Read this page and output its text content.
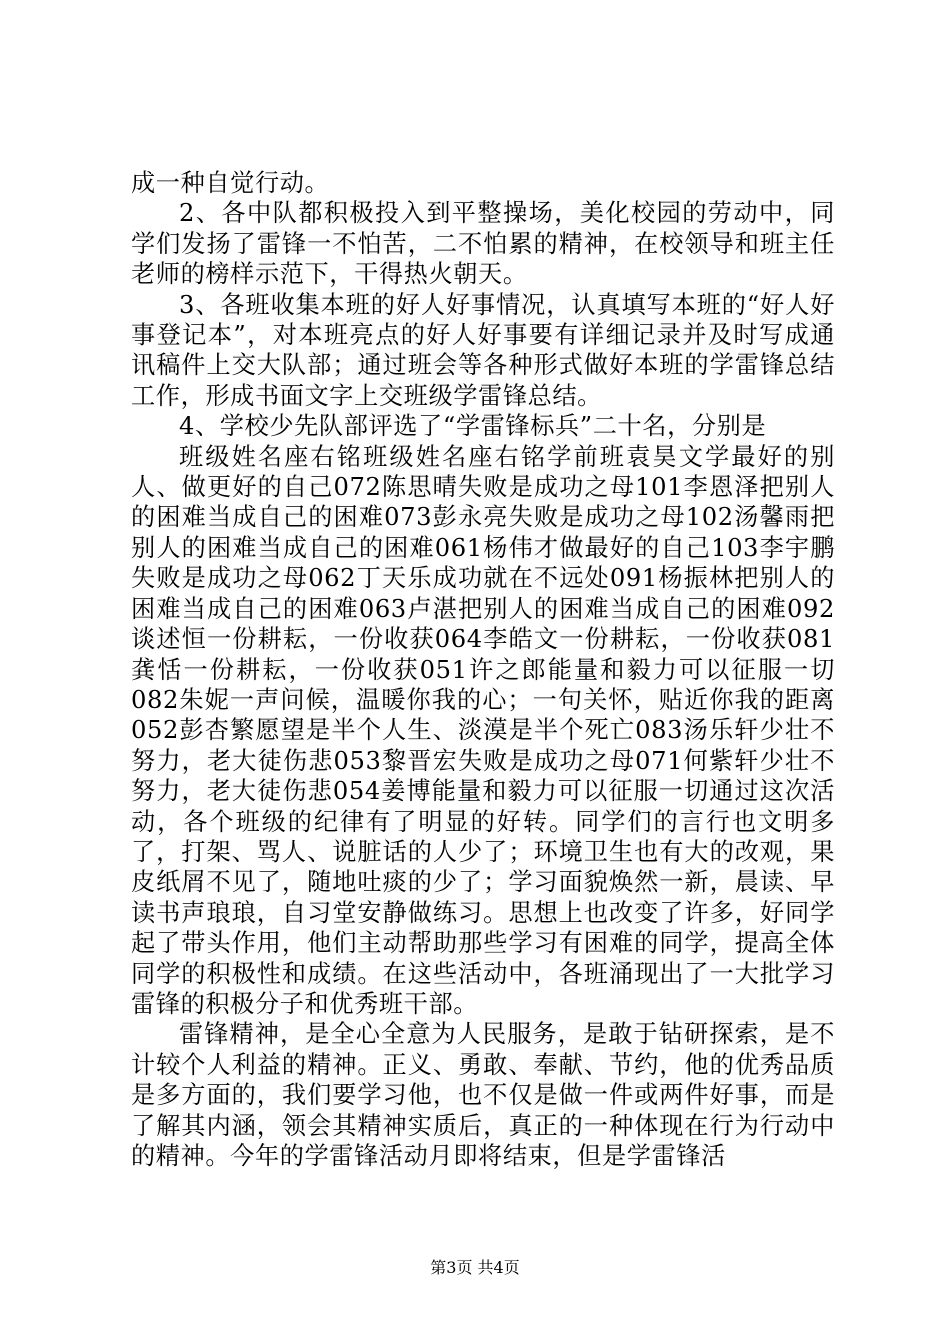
成一种自觉行动。

2、各中队都积极投入到平整操场，美化校园的劳动中，同学们发扬了雷锋一不怕苦，二不怕累的精神，在校领导和班主任老师的榜样示范下，干得热火朝天。

3、各班收集本班的好人好事情况，认真填写本班的“好人好事登记本”，对本班亮点的好人好事要有详细记录并及时写成通讯稿件上交大队部；通过班会等各种形式做好本班的学雷锋总结工作，形成书面文字上交班级学雷锋总结。

4、学校少先队部评选了“学雷锋标兵”二十名，分别是

班级姓名座右铭班级姓名座右铭学前班袁昊文学最好的别人、做更好的自己072陈思晴失败是成功之母101李恩泽把别人的困难当成自己的困难073彭永亮失败是成功之母102汤馨雨把别人的困难当成自己的困难061杨伟才做最好的自己103李宇鹏失败是成功之母062丁天乐成功就在不远处091杨振林把别人的困难当成自己的困难063卢湛把别人的困难当成自己的困难092谈述恒一份耕耘，一份收获064李皓文一份耕耘，一份收获081龚恬一份耕耘，一份收获051许之郎能量和毅力可以征服一切082朱妮一声问候，温暖你我的心；一句关怀，贴近你我的距离052彭杏繁愿望是半个人生、淡漠是半个死亡083汤乐轩少壮不努力，老大徒伤悲053黎晋宏失败是成功之母071何紫轩少壮不努力，老大徒伤悲054姜博能量和毅力可以征服一切通过这次活动，各个班级的纪律有了明显的好转。同学们的言行也文明多了，打架、骂人、说脏话的人少了；环境卫生也有大的改观，果皮纸屑不见了，随地吐痰的少了；学习面貌焕然一新，晨读、早读书声琅琅，自习堂安静做练习。思想上也改变了许多，好同学起了带头作用，他们主动帮助那些学习有困难的同学，提高全体同学的积极性和成绩。在这些活动中，各班涌现出了一大批学习雷锋的积极分子和优秀班干部。

雷锋精神，是全心全意为人民服务，是敢于钻研探索，是不计较个人利益的精神。正义、勇敢、奉献、节约，他的优秀品质是多方面的，我们要学习他，也不仅是做一件或两件好事，而是了解其内涵，领会其精神实质后，真正的一种体现在行为行动中的精神。今年的学雷锋活动月即将结束，但是学雷锋活

第3页 共4页
